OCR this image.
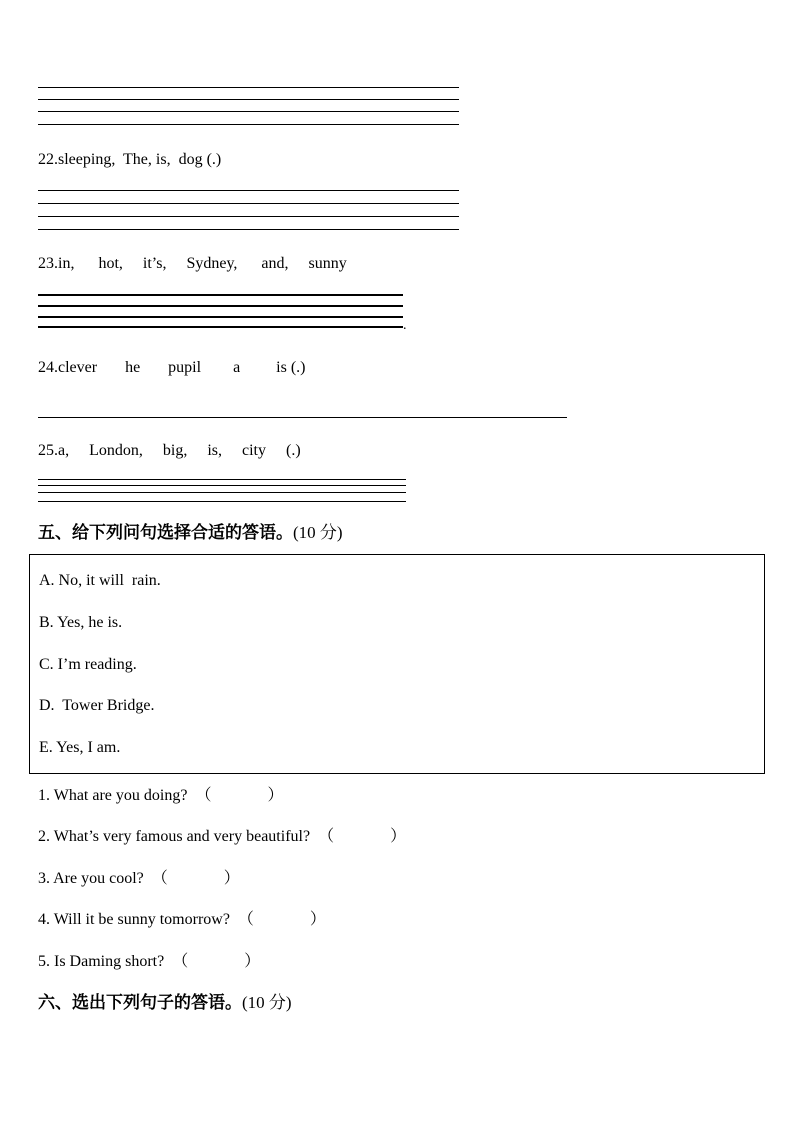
22.sleeping,  The, is,  dog (.)
23.in,      hot,     it’s,     Sydney,      and,     sunny
.
24.clever       he       pupil        a         is (.)
25.a,     London,     big,     is,     city     (.)
五、给下列问句选择合适的答语。(10 分)
A. No, it will  rain.
B. Yes, he is.
C. I’m reading.
D.  Tower Bridge.
E. Yes, I am.
1. What are you doing?  （              ）
2. What’s very famous and very beautiful?  （              ）
3. Are you cool?  （              ）
4. Will it be sunny tomorrow?  （              ）
5. Is Daming short?  （              ）
六、选出下列句子的答语。(10 分)
